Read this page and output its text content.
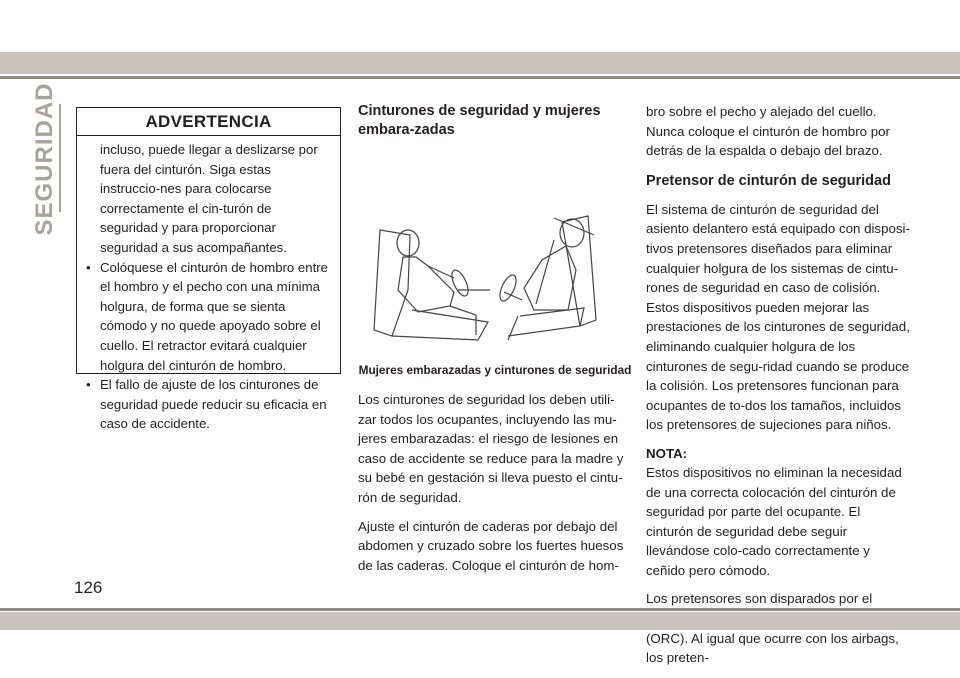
SEGURIDAD	ADVERTENCIA

incluso, puede llegar a deslizarse por fuera del cinturón. Siga estas instruccio-nes para colocarse correctamente el cin-turón de seguridad y para proporcionar seguridad a sus acompañantes.

• Colóquese el cinturón de hombro entre el hombro y el pecho con una mínima holgura, de forma que se sienta cómodo y no quede apoyado sobre el cuello. El retractor evitará cualquier holgura del cinturón de hombro.
• El fallo de ajuste de los cinturones de seguridad puede reducir su eficacia en caso de accidente.
Cinturones de seguridad y mujeres embara-zadas

Mujeres embarazadas y cinturones de seguridad

Los cinturones de seguridad los deben utili-zar todos los ocupantes, incluyendo las mu-jeres embarazadas: el riesgo de lesiones en caso de accidente se reduce para la madre y su bebé en gestación si lleva puesto el cintu-rón de seguridad.

Ajuste el cinturón de caderas por debajo del abdomen y cruzado sobre los fuertes huesos de las caderas. Coloque el cinturón de hom-

bro sobre el pecho y alejado del cuello. Nunca coloque el cinturón de hombro por detrás de la espalda o debajo del brazo.

Pretensor de cinturón de seguridad

El sistema de cinturón de seguridad del asiento delantero está equipado con disposi-tivos pretensores diseñados para eliminar cualquier holgura de los sistemas de cintu-rones de seguridad en caso de colisión. Estos dispositivos pueden mejorar las prestaciones de los cinturones de seguridad, eliminando cualquier holgura de los cinturones de segu-ridad cuando se produce la colisión. Los pretensores funcionan para ocupantes de to-dos los tamaños, incluidos los pretensores de sujeciones para niños.

NOTA:

Estos dispositivos no eliminan la necesidad de una correcta colocación del cinturón de seguridad por parte del ocupante. El cinturón de seguridad debe seguir llevándose colo-cado correctamente y ceñido pero cómodo.

Los pretensores son disparados por el (ORC). Al igual que ocurre con los airbags, los preten-

126
